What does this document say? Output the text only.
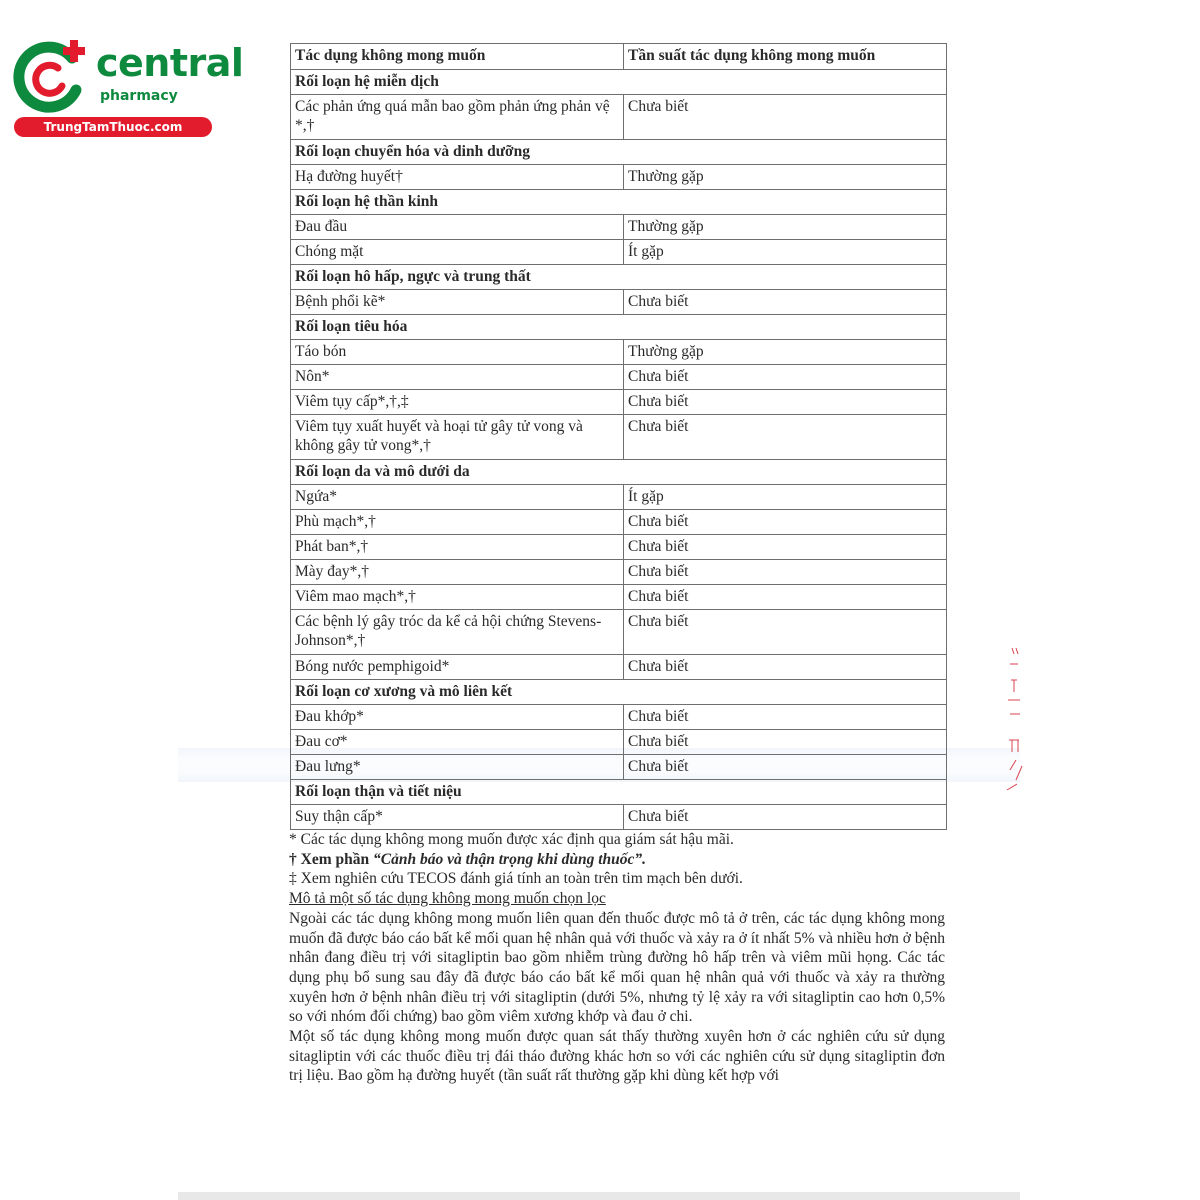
central
pharmacy
TrungTamThuoc.com
Tác dụng không mong muốn	Tần suất tác dụng không mong muốn
Rối loạn hệ miễn dịch	
Các phản ứng quá mẫn bao gồm phản ứng phản vệ *,†	Chưa biết
Rối loạn chuyển hóa và dinh dưỡng	
Hạ đường huyết†	Thường gặp
Rối loạn hệ thần kinh	
Đau đầu	Thường gặp
Chóng mặt	Ít gặp
Rối loạn hô hấp, ngực và trung thất	
Bệnh phổi kẽ*	Chưa biết
Rối loạn tiêu hóa	
Táo bón	Thường gặp
Nôn*	Chưa biết
Viêm tụy cấp*,†,‡	Chưa biết
Viêm tụy xuất huyết và hoại tử gây tử vong và không gây tử vong*,†	Chưa biết
Rối loạn da và mô dưới da	
Ngứa*	Ít gặp
Phù mạch*,†	Chưa biết
Phát ban*,†	Chưa biết
Mày đay*,†	Chưa biết
Viêm mao mạch*,†	Chưa biết
Các bệnh lý gây tróc da kể cả hội chứng Stevens-Johnson*,†	Chưa biết
Bóng nước pemphigoid*	Chưa biết
Rối loạn cơ xương và mô liên kết	
Đau khớp*	Chưa biết
Đau cơ*	Chưa biết
Đau lưng*	Chưa biết
Rối loạn thận và tiết niệu	
Suy thận cấp*	Chưa biết

* Các tác dụng không mong muốn được xác định qua giám sát hậu mãi.

† Xem phần “Cảnh báo và thận trọng khi dùng thuốc”.

‡ Xem nghiên cứu TECOS đánh giá tính an toàn trên tim mạch bên dưới.

Mô tả một số tác dụng không mong muốn chọn lọc

Ngoài các tác dụng không mong muốn liên quan đến thuốc được mô tả ở trên, các tác dụng không mong muốn đã được báo cáo bất kể mối quan hệ nhân quả với thuốc và xảy ra ở ít nhất 5% và nhiều hơn ở bệnh nhân đang điều trị với sitagliptin bao gồm nhiễm trùng đường hô hấp trên và viêm mũi họng. Các tác dụng phụ bổ sung sau đây đã được báo cáo bất kể mối quan hệ nhân quả với thuốc và xảy ra thường xuyên hơn ở bệnh nhân điều trị với sitagliptin (dưới 5%, nhưng tỷ lệ xảy ra với sitagliptin cao hơn 0,5% so với nhóm đối chứng) bao gồm viêm xương khớp và đau ở chi.

Một số tác dụng không mong muốn được quan sát thấy thường xuyên hơn ở các nghiên cứu sử dụng sitagliptin với các thuốc điều trị đái tháo đường khác hơn so với các nghiên cứu sử dụng sitagliptin đơn trị liệu. Bao gồm hạ đường huyết (tần suất rất thường gặp khi dùng kết hợp với
